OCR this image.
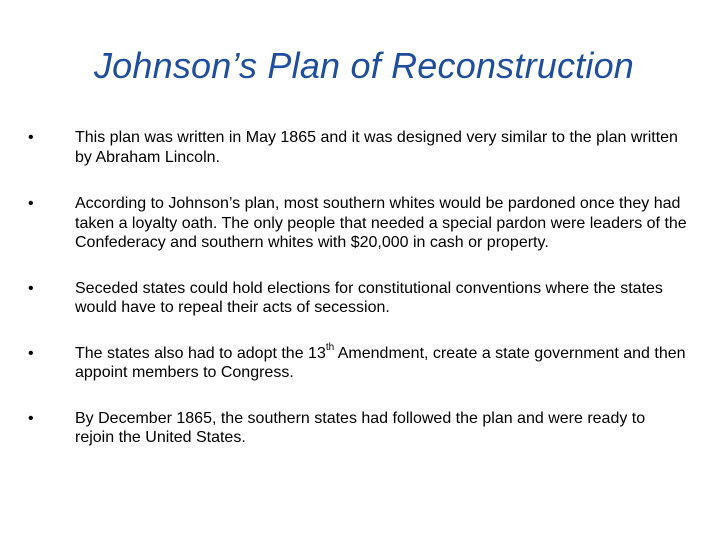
Johnson’s Plan of Reconstruction
•	This plan was written in May 1865 and it was designed very similar to the plan written by Abraham Lincoln.
•	According to Johnson’s plan, most southern whites would be pardoned once they had taken a loyalty oath. The only people that needed a special pardon were leaders of the Confederacy and southern whites with $20,000 in cash or property.
•	Seceded states could hold elections for constitutional conventions where the states would have to repeal their acts of secession.
•	The states also had to adopt the 13th Amendment, create a state government and then appoint members to Congress.
•	By December 1865, the southern states had followed the plan and were ready to rejoin the United States.
